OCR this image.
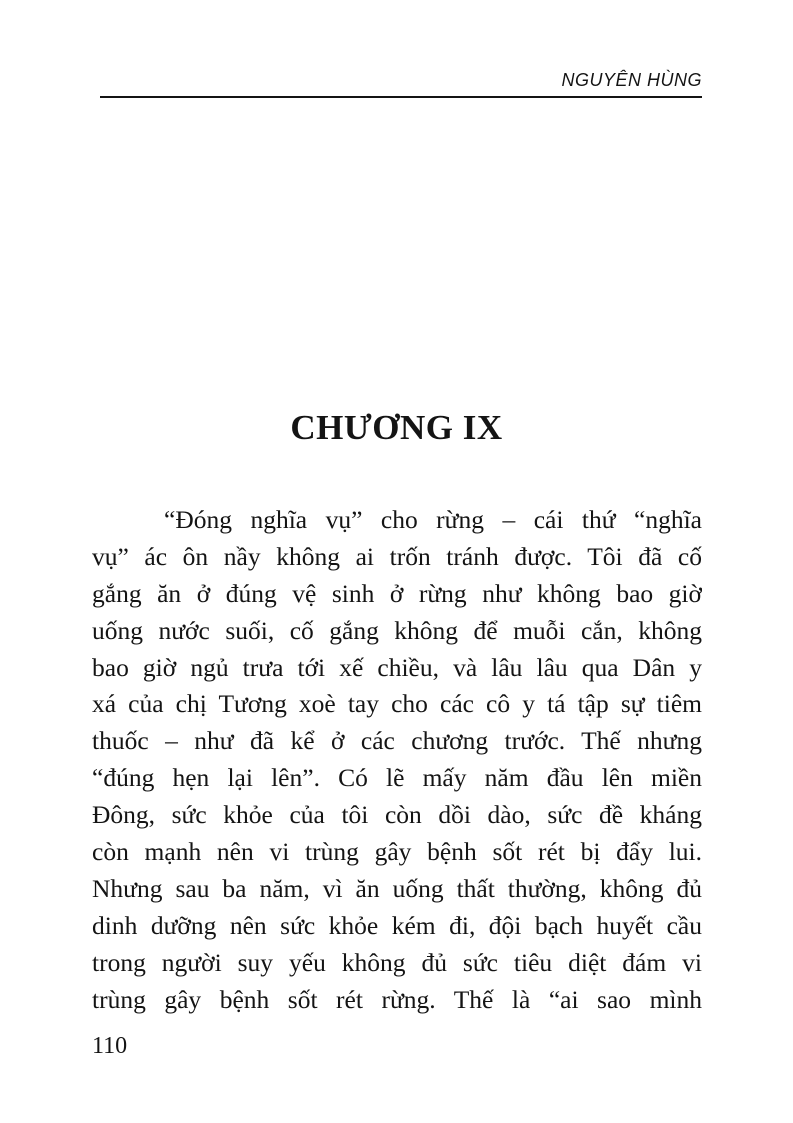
NGUYÊN HÙNG
CHƯƠNG IX
“Đóng nghĩa vụ” cho rừng – cái thứ “nghĩa
vụ” ác ôn nầy không ai trốn tránh được. Tôi đã cố
gắng ăn ở đúng vệ sinh ở rừng như không bao giờ
uống nước suối, cố gắng không để muỗi cắn, không
bao giờ ngủ trưa tới xế chiều, và lâu lâu qua Dân y
xá của chị Tương xoè tay cho các cô y tá tập sự tiêm
thuốc – như đã kể ở các chương trước. Thế nhưng
“đúng hẹn lại lên”. Có lẽ mấy năm đầu lên miền
Đông, sức khỏe của tôi còn dồi dào, sức đề kháng
còn mạnh nên vi trùng gây bệnh sốt rét bị đẩy lui.
Nhưng sau ba năm, vì ăn uống thất thường, không đủ
dinh dưỡng nên sức khỏe kém đi, đội bạch huyết cầu
trong người suy yếu không đủ sức tiêu diệt đám vi
trùng gây bệnh sốt rét rừng. Thế là “ai sao mình
110
